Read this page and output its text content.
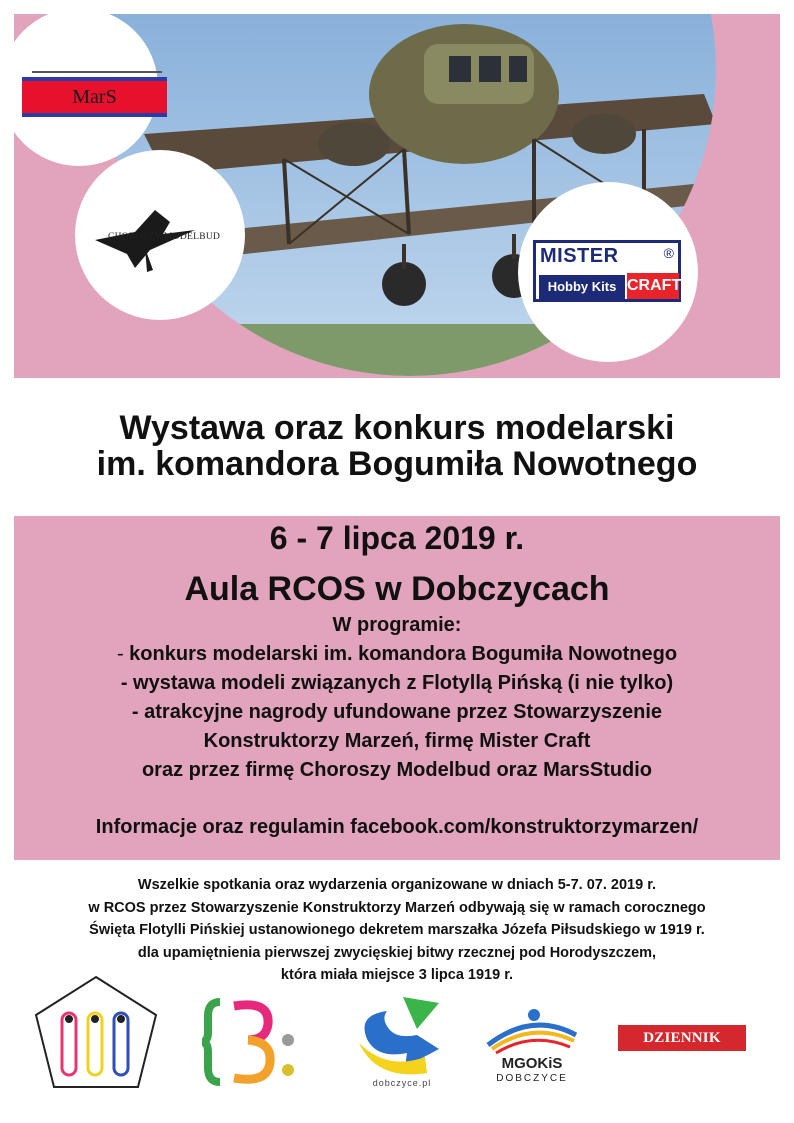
MarS
CHOROSZY MODELBUD
MISTER	®
Hobby Kits CRAFT
Wystawa oraz konkurs modelarski
im. komandora Bogumiła Nowotnego
6 - 7 lipca 2019 r.
Aula RCOS w Dobczycach
W programie:
- konkurs modelarski im. komandora Bogumiła Nowotnego
- wystawa modeli związanych z Flotyllą Pińską (i nie tylko)
- atrakcyjne nagrody ufundowane przez Stowarzyszenie
Konstruktorzy Marzeń, firmę Mister Craft
oraz przez firmę Choroszy Modelbud oraz MarsStudio
Informacje oraz regulamin facebook.com/konstruktorzymarzen/
Wszelkie spotkania oraz wydarzenia organizowane w dniach 5-7. 07. 2019 r.
w RCOS przez Stowarzyszenie Konstruktorzy Marzeń odbywają się w ramach corocznego
Święta Flotylli Pińskiej ustanowionego dekretem marszałka Józefa Piłsudskiego w 1919 r.
dla upamiętnienia pierwszej zwycięskiej bitwy rzecznej pod Horodyszczem,
która miała miejsce 3 lipca 1919 r.
dobczyce.pl
MGOKiS
DOBCZYCE
DZIENNIK POLSKI
